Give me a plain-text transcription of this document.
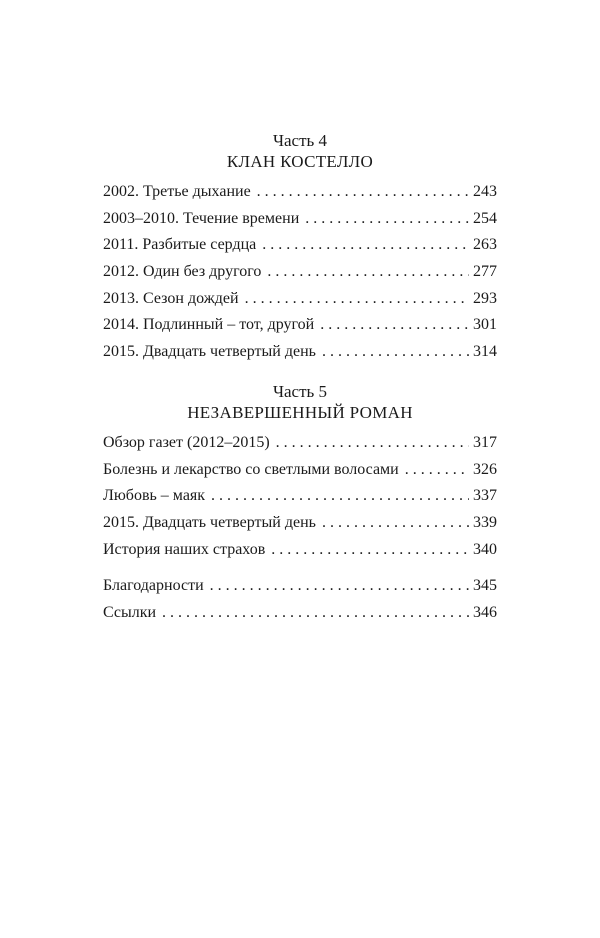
Часть 4
КЛАН КОСТЕЛЛО
2002. Третье дыхание . . .	243
2003–2010. Течение времени . . .	254
2011. Разбитые сердца . . .	263
2012. Один без другого . . .	277
2013. Сезон дождей . . .	293
2014. Подлинный – тот, другой . . .	301
2015. Двадцать четвертый день . . .	314
Часть 5
НЕЗАВЕРШЕННЫЙ РОМАН
Обзор газет (2012–2015) . . .	317
Болезнь и лекарство со светлыми волосами . . .	326
Любовь – маяк . . .	337
2015. Двадцать четвертый день . . .	339
История наших страхов . . .	340
Благодарности . . .	345
Ссылки . . .	346
